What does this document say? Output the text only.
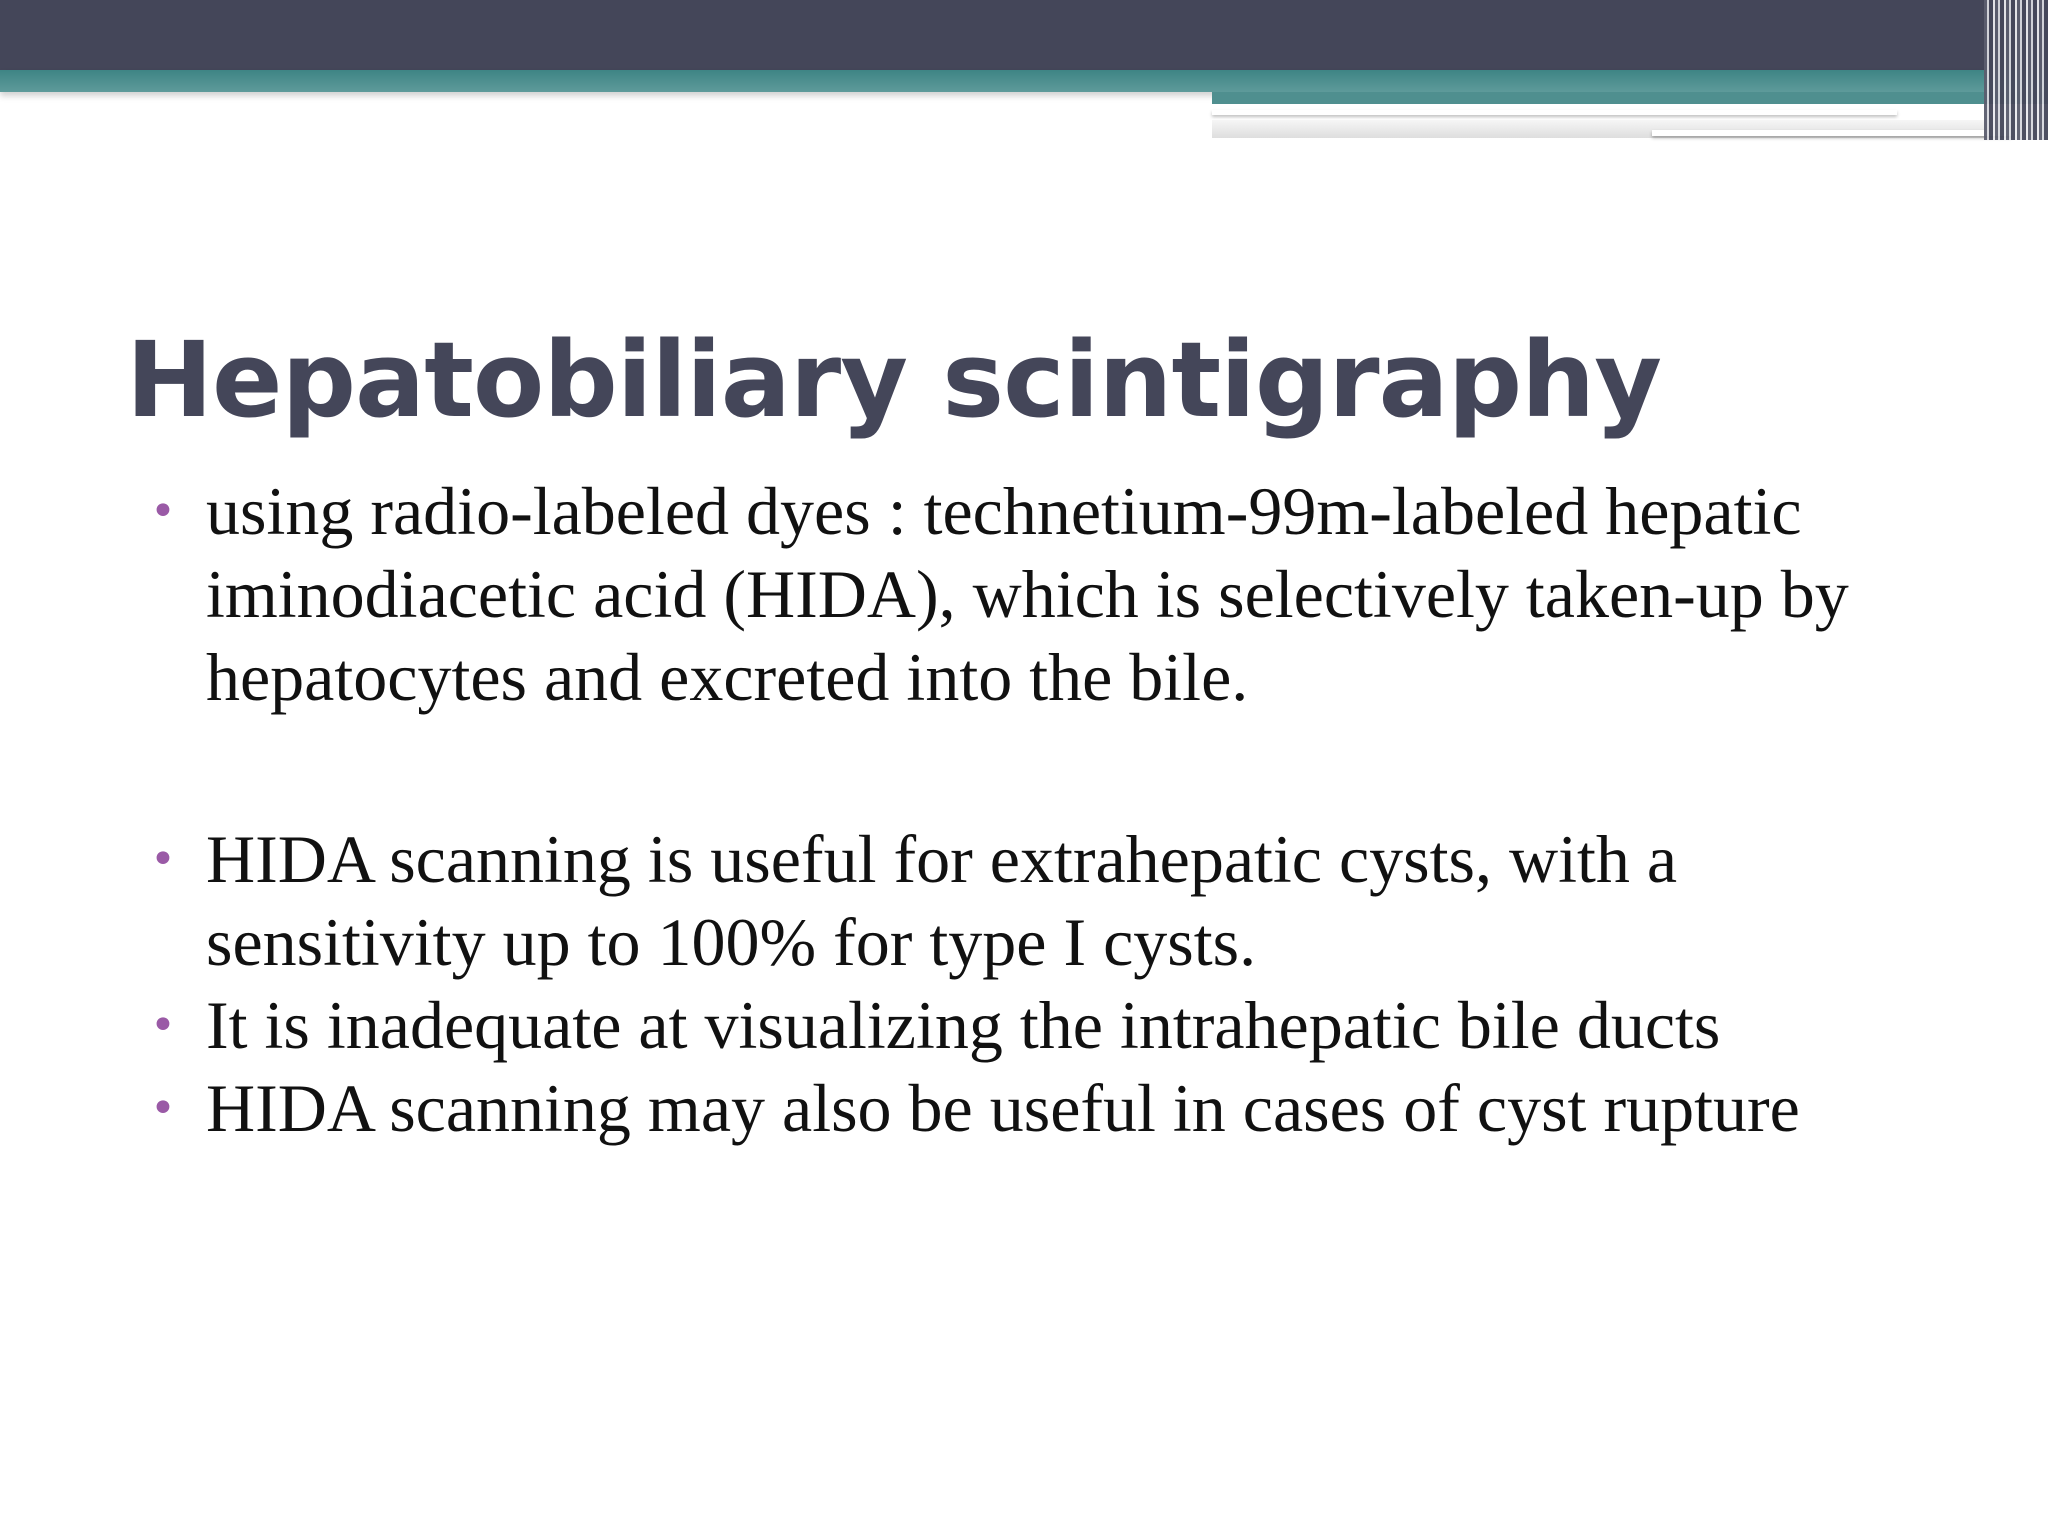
Hepatobiliary scintigraphy
• using radio-labeled dyes : technetium-99m-labeled hepatic iminodiacetic acid (HIDA), which is selectively taken-up by hepatocytes and excreted into the bile.
• HIDA scanning is useful for extrahepatic cysts, with a sensitivity up to 100% for type I cysts.
• It is inadequate at visualizing the intrahepatic bile ducts
• HIDA scanning may also be useful in cases of cyst rupture
